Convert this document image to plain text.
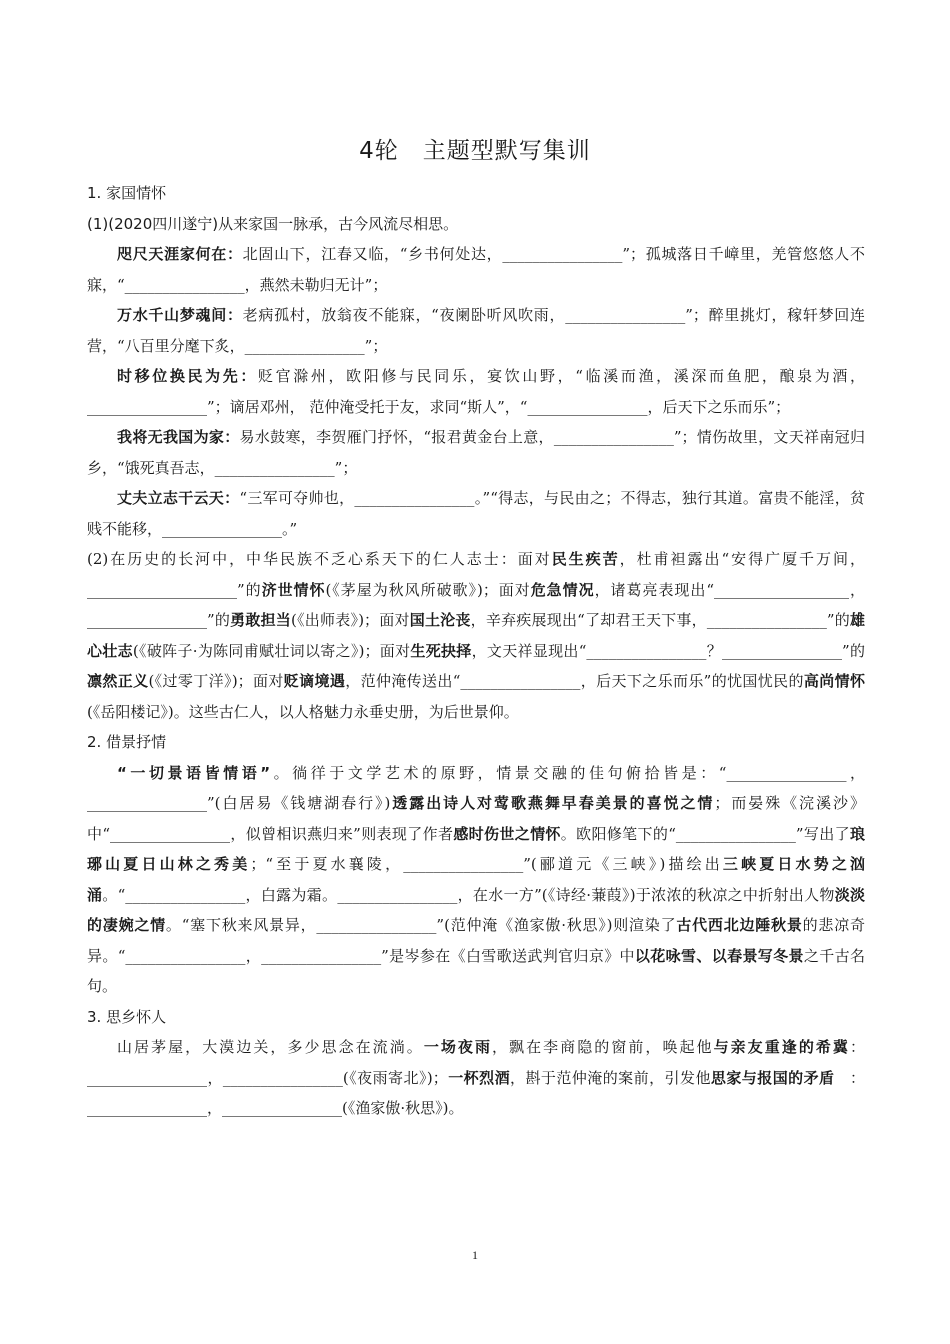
4轮　主题型默写集训

1. 家国情怀

(1)(2020四川遂宁)从来家国一脉承，古今风流尽相思。

咫尺天涯家何在：北固山下，江春又临，“乡书何处达，________________”；孤城落日千嶂里，羌管悠悠人不寐，“________________，燕然未勒归无计”；

万水千山梦魂间：老病孤村，放翁夜不能寐，“夜阑卧听风吹雨，________________”；醉里挑灯，稼轩梦回连营，“八百里分麾下炙，________________”；

时移位换民为先：贬官滁州，欧阳修与民同乐，宴饮山野，“临溪而渔，溪深而鱼肥，酿泉为酒，________________”；谪居邓州， 范仲淹受托于友，求同“斯人”，“________________，后天下之乐而乐”；

我将无我国为家：易水鼓寒，李贺雁门抒怀，“报君黄金台上意，________________”；情伤故里，文天祥南冠归乡，“饿死真吾志，________________”；

丈夫立志干云天：“三军可夺帅也，________________。”“得志，与民由之；不得志，独行其道。富贵不能淫，贫贱不能移，________________。”

(2)在历史的长河中，中华民族不乏心系天下的仁人志士：面对民生疾苦，杜甫袒露出“安得广厦千万间，____________________”的济世情怀(《茅屋为秋风所破歌》)；面对危急情况，诸葛亮表现出“__________________，________________”的勇敢担当(《出师表》)；面对国土沦丧，辛弃疾展现出“了却君王天下事，________________”的雄心壮志(《破阵子·为陈同甫赋壮词以寄之》)；面对生死抉择，文天祥显现出“________________？________________”的凛然正义(《过零丁洋》)；面对贬谪境遇，范仲淹传送出“________________，后天下之乐而乐”的忧国忧民的高尚情怀(《岳阳楼记》)。这些古仁人，以人格魅力永垂史册，为后世景仰。

2. 借景抒情

“一切景语皆情语”。徜徉于文学艺术的原野，情景交融的佳句俯拾皆是：“________________，________________”(白居易《钱塘湖春行》)透露出诗人对莺歌燕舞早春美景的喜悦之情；而晏殊《浣溪沙》中“________________，似曾相识燕归来”则表现了作者感时伤世之情怀。欧阳修笔下的“________________”写出了琅琊山夏日山林之秀美；“至于夏水襄陵，________________”(郦道元《三峡》)描绘出三峡夏日水势之汹涌。“________________，白露为霜。________________，在水一方”(《诗经·蒹葭》)于浓浓的秋凉之中折射出人物淡淡的凄婉之情。“塞下秋来风景异，________________”(范仲淹《渔家傲·秋思》)则渲染了古代西北边陲秋景的悲凉奇异。“________________，________________”是岑参在《白雪歌送武判官归京》中以花咏雪、以春景写冬景之千古名句。

3. 思乡怀人

山居茅屋，大漠边关，多少思念在流淌。一场夜雨，飘在李商隐的窗前，唤起他与亲友重逢的希冀：________________，________________(《夜雨寄北》)；一杯烈酒，斟于范仲淹的案前，引发他思家与报国的矛盾　：________________，________________(《渔家傲·秋思》)。

1
